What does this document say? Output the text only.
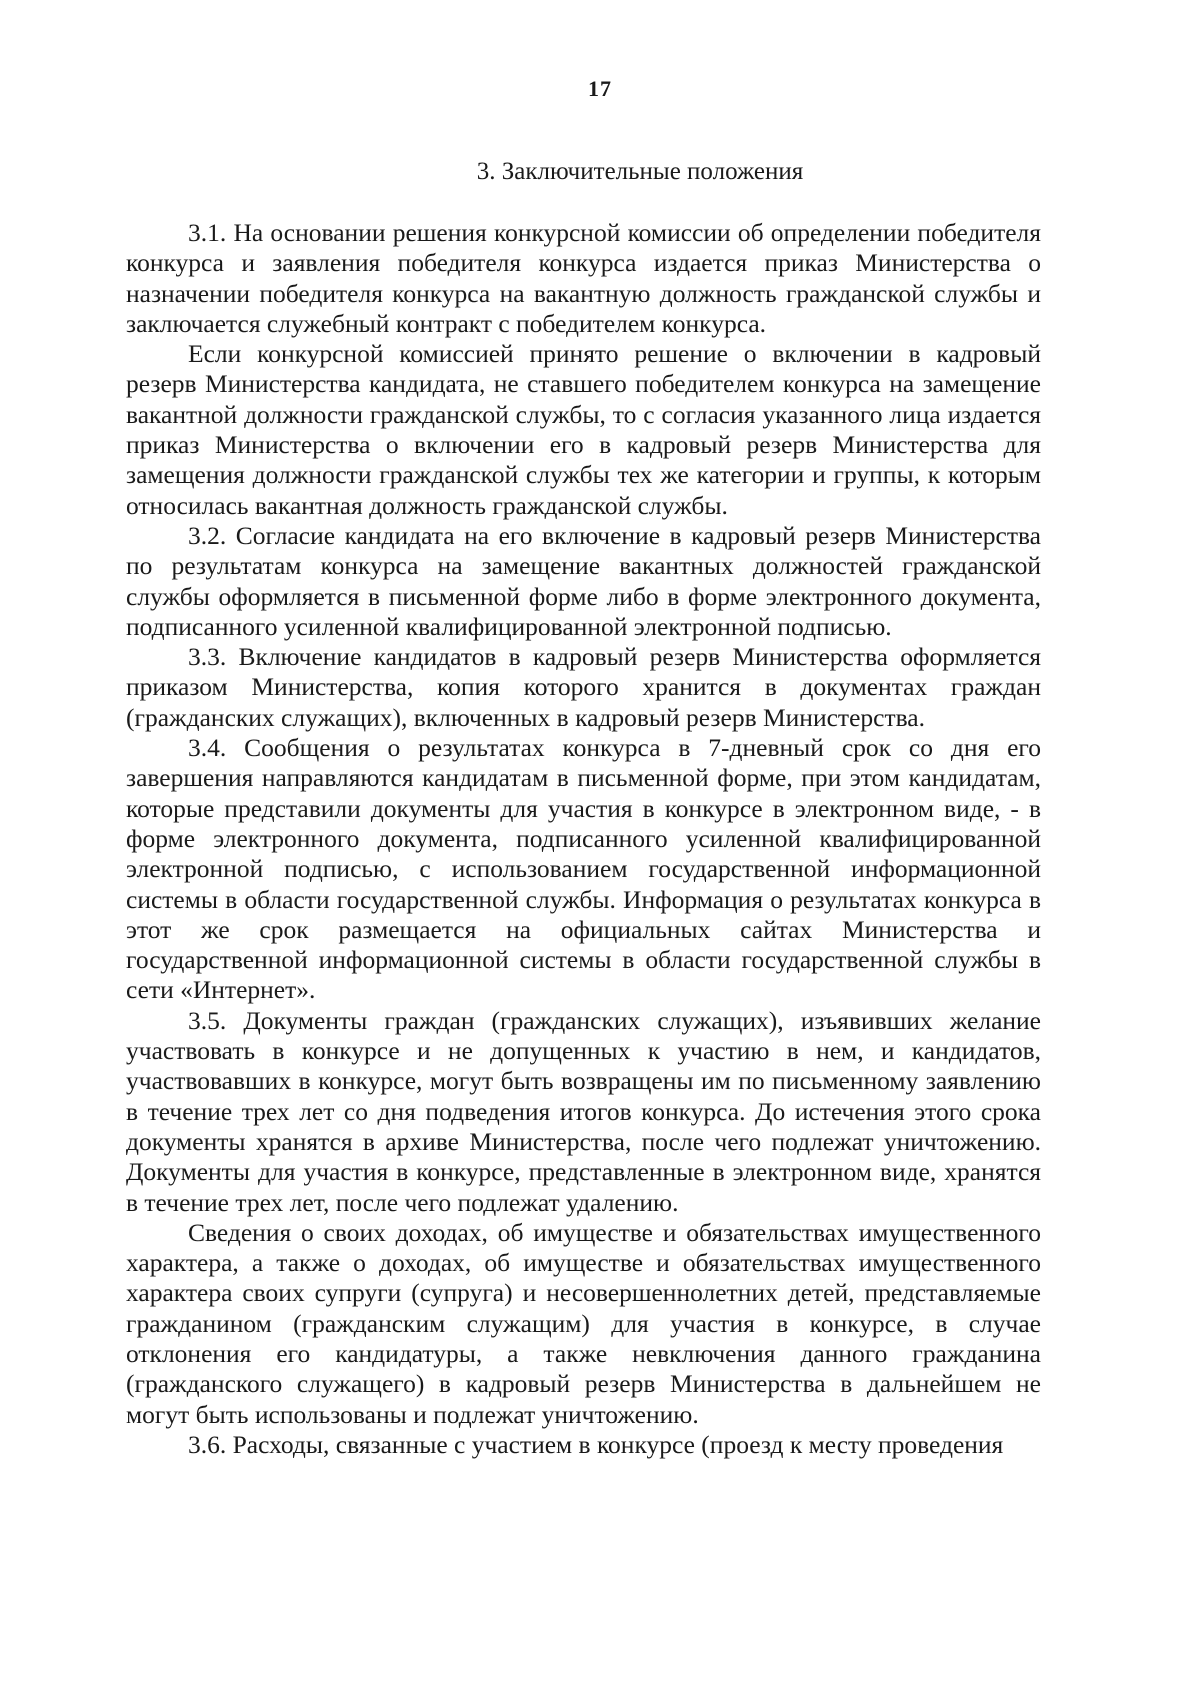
17
3. Заключительные положения

3.1. На основании решения конкурсной комиссии об определении победителя конкурса и заявления победителя конкурса издается приказ Министерства о назначении победителя конкурса на вакантную должность гражданской службы и заключается служебный контракт с победителем конкурса.

Если конкурсной комиссией принято решение о включении в кадровый резерв Министерства кандидата, не ставшего победителем конкурса на замещение вакантной должности гражданской службы, то с согласия указанного лица издается приказ Министерства о включении его в кадровый резерв Министерства для замещения должности гражданской службы тех же категории и группы, к которым относилась вакантная должность гражданской службы.

3.2. Согласие кандидата на его включение в кадровый резерв Министерства по результатам конкурса на замещение вакантных должностей гражданской службы оформляется в письменной форме либо в форме электронного документа, подписанного усиленной квалифицированной электронной подписью.

3.3. Включение кандидатов в кадровый резерв Министерства оформляется приказом Министерства, копия которого хранится в документах граждан (гражданских служащих), включенных в кадровый резерв Министерства.

3.4. Сообщения о результатах конкурса в 7-дневный срок со дня его завершения направляются кандидатам в письменной форме, при этом кандидатам, которые представили документы для участия в конкурсе в электронном виде, - в форме электронного документа, подписанного усиленной квалифицированной электронной подписью, с использованием государственной информационной системы в области государственной службы. Информация о результатах конкурса в этот же срок размещается на официальных сайтах Министерства и государственной информационной системы в области государственной службы в сети «Интернет».

3.5. Документы граждан (гражданских служащих), изъявивших желание участвовать в конкурсе и не допущенных к участию в нем, и кандидатов, участвовавших в конкурсе, могут быть возвращены им по письменному заявлению в течение трех лет со дня подведения итогов конкурса. До истечения этого срока документы хранятся в архиве Министерства, после чего подлежат уничтожению. Документы для участия в конкурсе, представленные в электронном виде, хранятся в течение трех лет, после чего подлежат удалению.

Сведения о своих доходах, об имуществе и обязательствах имущественного характера, а также о доходах, об имуществе и обязательствах имущественного характера своих супруги (супруга) и несовершеннолетних детей, представляемые гражданином (гражданским служащим) для участия в конкурсе, в случае отклонения его кандидатуры, а также невключения данного гражданина (гражданского служащего) в кадровый резерв Министерства в дальнейшем не могут быть использованы и подлежат уничтожению.

3.6. Расходы, связанные с участием в конкурсе (проезд к месту проведения
